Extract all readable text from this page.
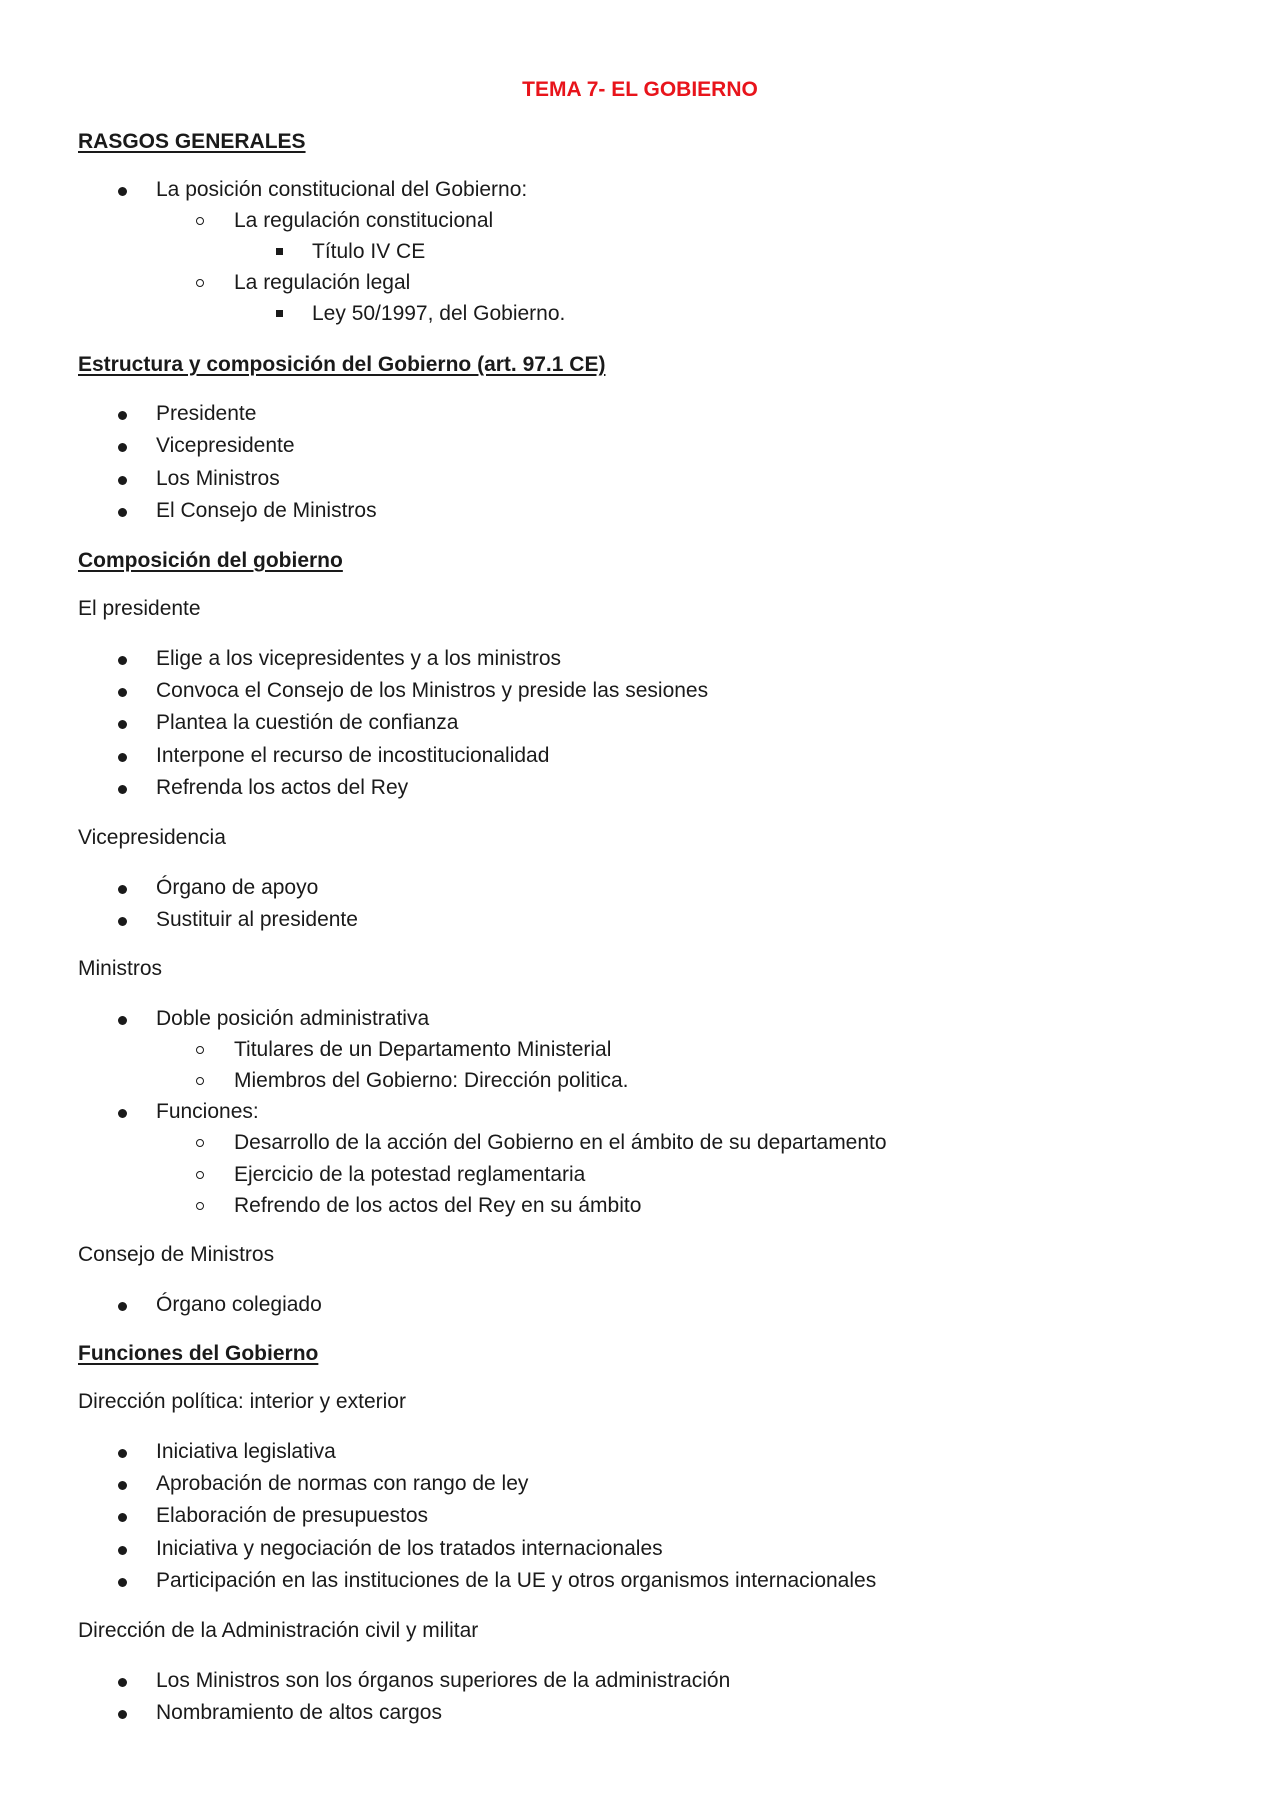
TEMA 7- EL GOBIERNO
RASGOS GENERALES

La posición constitucional del Gobierno:

La regulación constitucional

Título IV CE

La regulación legal

Ley 50/1997, del Gobierno.

Estructura y composición del Gobierno (art. 97.1 CE)

Presidente

Vicepresidente

Los Ministros

El Consejo de Ministros

Composición del gobierno

El presidente

Elige a los vicepresidentes y a los ministros

Convoca el Consejo de los Ministros y preside las sesiones

Plantea la cuestión de confianza

Interpone el recurso de incostitucionalidad

Refrenda los actos del Rey

Vicepresidencia

Órgano de apoyo

Sustituir al presidente

Ministros

Doble posición administrativa

Titulares de un Departamento Ministerial

Miembros del Gobierno: Dirección politica.

Funciones:

Desarrollo de la acción del Gobierno en el ámbito de su departamento

Ejercicio de la potestad reglamentaria

Refrendo de los actos del Rey en su ámbito

Consejo de Ministros

Órgano colegiado

Funciones del Gobierno

Dirección política: interior y exterior

Iniciativa legislativa

Aprobación de normas con rango de ley

Elaboración de presupuestos

Iniciativa y negociación de los tratados internacionales

Participación en las instituciones de la UE y otros organismos internacionales

Dirección de la Administración civil y militar

Los Ministros son los órganos superiores de la administración

Nombramiento de altos cargos
